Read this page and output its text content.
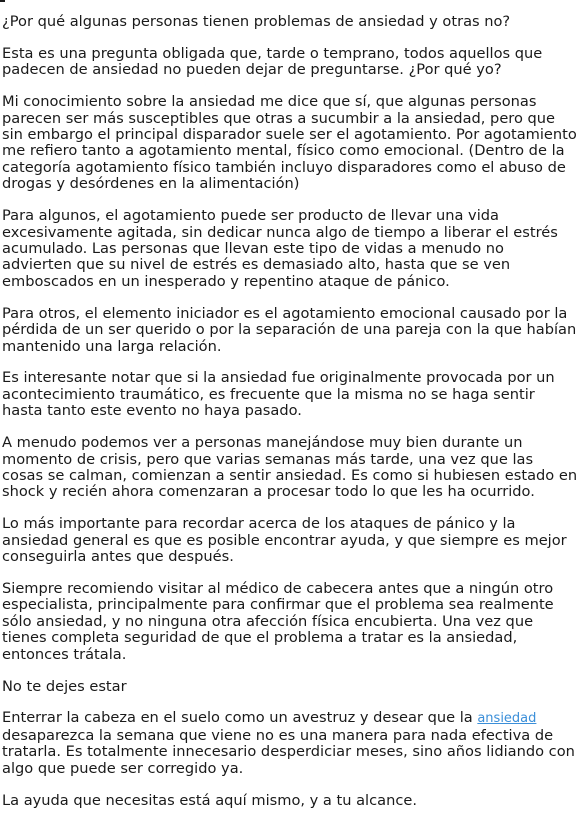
¿Por qué algunas personas tienen problemas de ansiedad y otras no?

Esta es una pregunta obligada que, tarde o temprano, todos aquellos que padecen de ansiedad no pueden dejar de preguntarse. ¿Por qué yo?

Mi conocimiento sobre la ansiedad me dice que sí, que algunas personas parecen ser más susceptibles que otras a sucumbir a la ansiedad, pero que sin embargo el principal disparador suele ser el agotamiento. Por agotamiento me refiero tanto a agotamiento mental, físico como emocional. (Dentro de la categoría agotamiento físico también incluyo disparadores como el abuso de drogas y desórdenes en la alimentación)

Para algunos, el agotamiento puede ser producto de llevar una vida excesivamente agitada, sin dedicar nunca algo de tiempo a liberar el estrés acumulado. Las personas que llevan este tipo de vidas a menudo no advierten que su nivel de estrés es demasiado alto, hasta que se ven emboscados en un inesperado y repentino ataque de pánico.

Para otros, el elemento iniciador es el agotamiento emocional causado por la pérdida de un ser querido o por la separación de una pareja con la que habían mantenido una larga relación.

Es interesante notar que si la ansiedad fue originalmente provocada por un acontecimiento traumático, es frecuente que la misma no se haga sentir hasta tanto este evento no haya pasado.

A menudo podemos ver a personas manejándose muy bien durante un momento de crisis, pero que varias semanas más tarde, una vez que las cosas se calman, comienzan a sentir ansiedad. Es como si hubiesen estado en shock y recién ahora comenzaran a procesar todo lo que les ha ocurrido.

Lo más importante para recordar acerca de los ataques de pánico y la ansiedad general es que es posible encontrar ayuda, y que siempre es mejor conseguirla antes que después.

Siempre recomiendo visitar al médico de cabecera antes que a ningún otro especialista, principalmente para confirmar que el problema sea realmente sólo ansiedad, y no ninguna otra afección física encubierta. Una vez que tienes completa seguridad de que el problema a tratar es la ansiedad, entonces trátala.

No te dejes estar

Enterrar la cabeza en el suelo como un avestruz y desear que la ansiedad desaparezca la semana que viene no es una manera para nada efectiva de tratarla. Es totalmente innecesario desperdiciar meses, sino años lidiando con algo que puede ser corregido ya.

La ayuda que necesitas está aquí mismo, y a tu alcance.
